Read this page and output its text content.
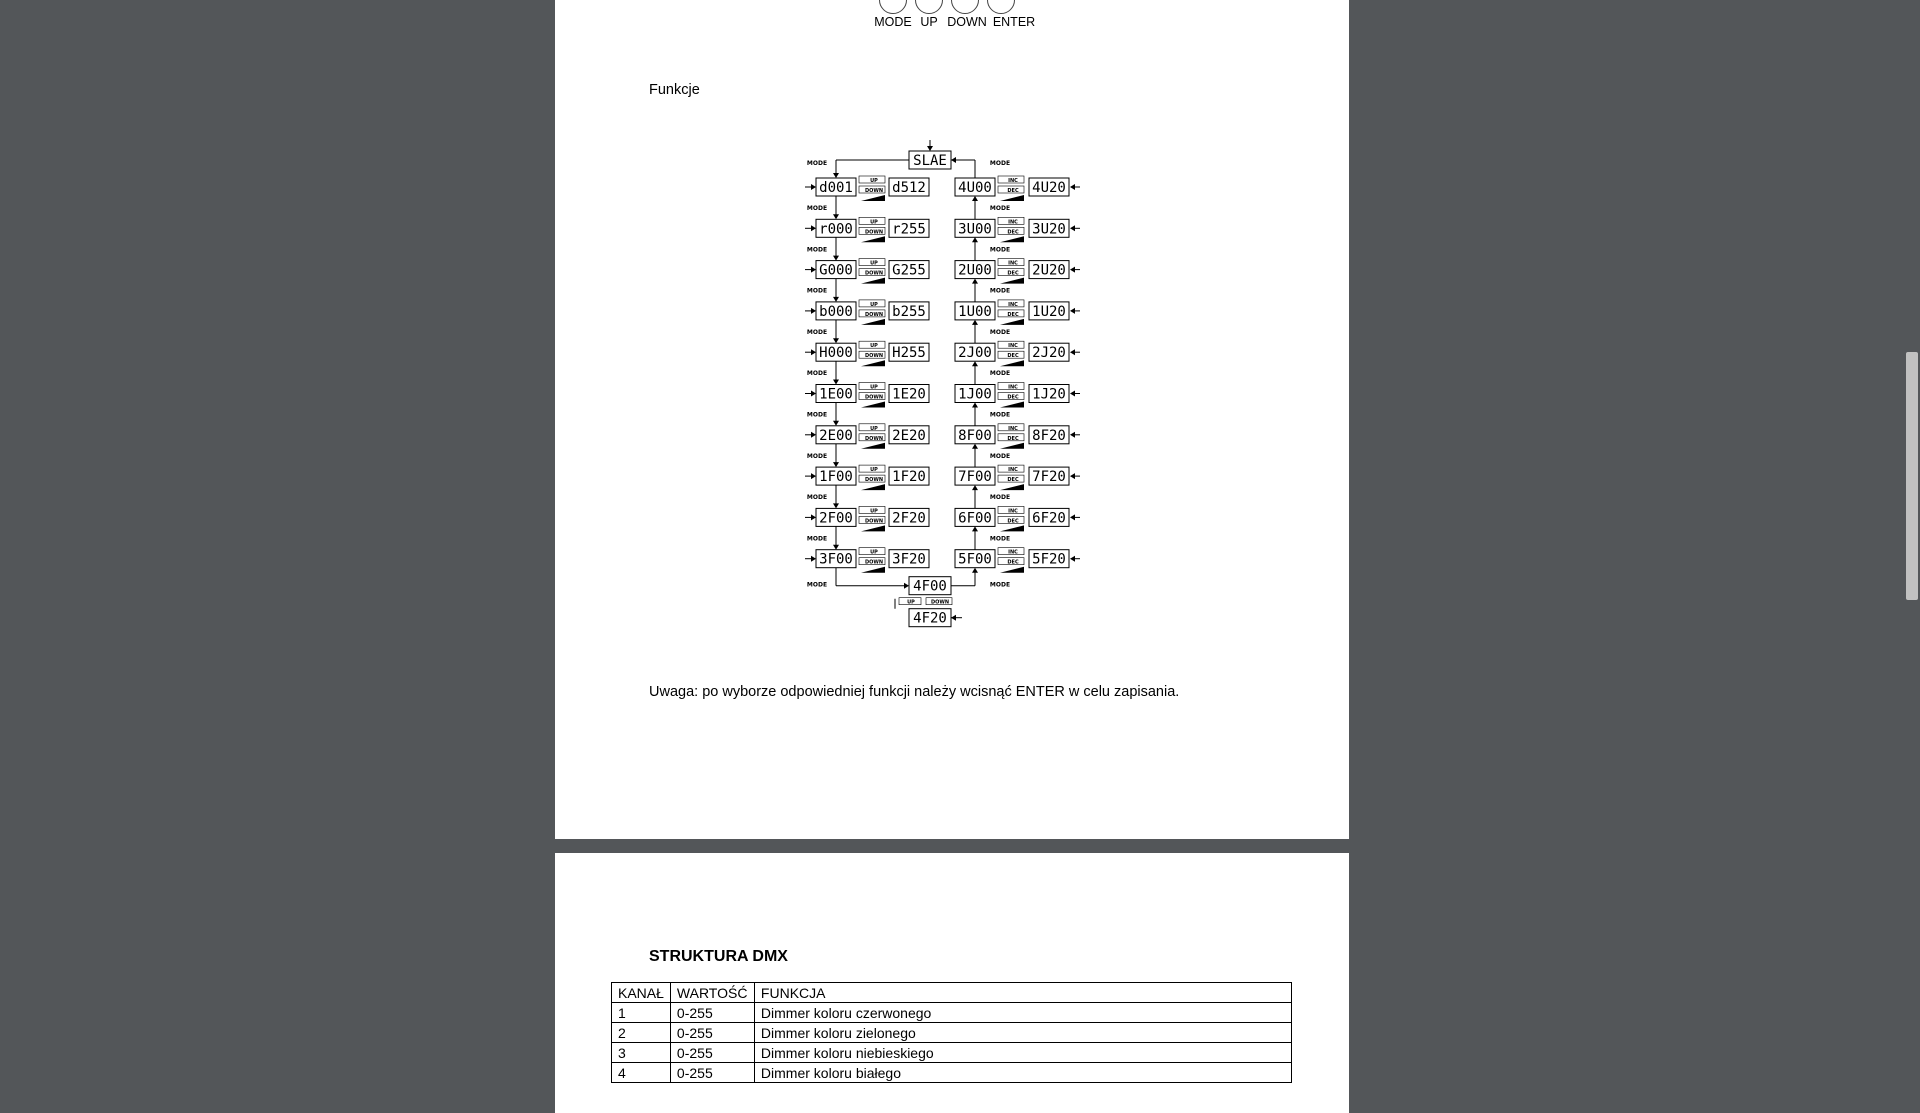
MODE UP DOWN ENTER
Funkcje
SLAE
MODE	MODE
d001	UP
DOWN d512
MODE
r000	UP
DOWN r255
MODE
G000	UP
DOWN G255
MODE
b000	UP
DOWN b255
MODE
H000	UP
DOWN H255
MODE
1E00	UP
DOWN 1E20
MODE
2E00	UP
DOWN 2E20
MODE
1F00	UP
DOWN 1F20
MODE
2F00	UP
DOWN 2F20
MODE
3F00	UP
DOWN 3F20
4U00	INC
DEC 4U20
MODE
3U00	INC
DEC 3U20
MODE
2U00	INC
DEC 2U20
MODE
1U00	INC
DEC 1U20
MODE
2J00	INC
DEC 2J20
MODE
1J00	INC
DEC 1J20
MODE
8F00	INC
DEC 8F20
MODE
7F00	INC
DEC 7F20
MODE
6F00	INC
DEC 6F20
MODE
5F00	INC
DEC 5F20
MODE	4F00	MODE
UP	DOWN
4F20
Uwaga: po wyborze odpowiedniej funkcji należy wcisnąć ENTER w celu zapisania.
STRUKTURA DMX
KANAŁ	WARTOŚĆ	FUNKCJA
1	0-255	Dimmer koloru czerwonego
2	0-255	Dimmer koloru zielonego
3	0-255	Dimmer koloru niebieskiego
4	0-255	Dimmer koloru białego
